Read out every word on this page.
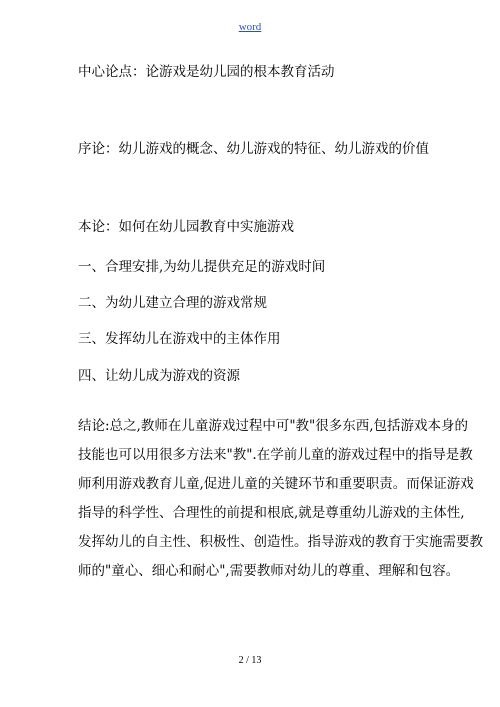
word
中心论点：论游戏是幼儿园的根本教育活动
序论：幼儿游戏的概念、幼儿游戏的特征、幼儿游戏的价值
本论：如何在幼儿园教育中实施游戏
一、合理安排,为幼儿提供充足的游戏时间
二、为幼儿建立合理的游戏常规
三、发挥幼儿在游戏中的主体作用
四、让幼儿成为游戏的资源
结论:总之,教师在儿童游戏过程中可"教"很多东西,包括游戏本身的
技能也可以用很多方法来"教".在学前儿童的游戏过程中的指导是教
师利用游戏教育儿童,促进儿童的关键环节和重要职责。而保证游戏
指导的科学性、合理性的前提和根底,就是尊重幼儿游戏的主体性,
发挥幼儿的自主性、积极性、创造性。指导游戏的教育于实施需要教
师的"童心、细心和耐心",需要教师对幼儿的尊重、理解和包容。
2 / 13
